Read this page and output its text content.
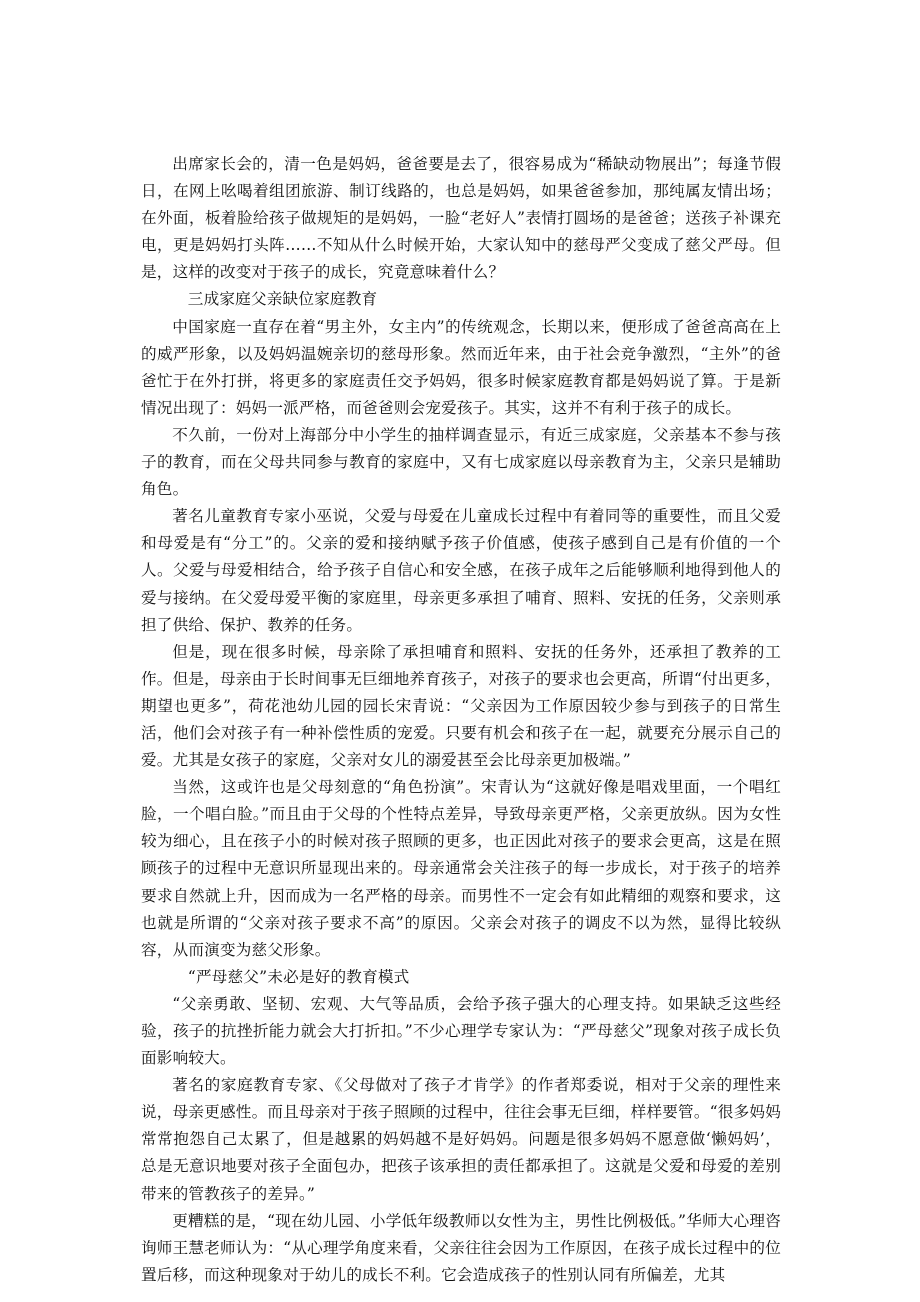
出席家长会的，清一色是妈妈，爸爸要是去了，很容易成为“稀缺动物展出”；每逢节假日，在网上吆喝着组团旅游、制订线路的，也总是妈妈，如果爸爸参加，那纯属友情出场；在外面，板着脸给孩子做规矩的是妈妈，一脸“老好人”表情打圆场的是爸爸；送孩子补课充电，更是妈妈打头阵……不知从什么时候开始，大家认知中的慈母严父变成了慈父严母。但是，这样的改变对于孩子的成长，究竟意味着什么？

三成家庭父亲缺位家庭教育

中国家庭一直存在着“男主外，女主内”的传统观念，长期以来，便形成了爸爸高高在上的威严形象，以及妈妈温婉亲切的慈母形象。然而近年来，由于社会竞争激烈，“主外”的爸爸忙于在外打拼，将更多的家庭责任交予妈妈，很多时候家庭教育都是妈妈说了算。于是新情况出现了：妈妈一派严格，而爸爸则会宠爱孩子。其实，这并不有利于孩子的成长。

不久前，一份对上海部分中小学生的抽样调查显示，有近三成家庭，父亲基本不参与孩子的教育，而在父母共同参与教育的家庭中，又有七成家庭以母亲教育为主，父亲只是辅助角色。

著名儿童教育专家小巫说，父爱与母爱在儿童成长过程中有着同等的重要性，而且父爱和母爱是有“分工”的。父亲的爱和接纳赋予孩子价值感，使孩子感到自己是有价值的一个人。父爱与母爱相结合，给予孩子自信心和安全感，在孩子成年之后能够顺利地得到他人的爱与接纳。在父爱母爱平衡的家庭里，母亲更多承担了哺育、照料、安抚的任务，父亲则承担了供给、保护、教养的任务。

但是，现在很多时候，母亲除了承担哺育和照料、安抚的任务外，还承担了教养的工作。但是，母亲由于长时间事无巨细地养育孩子，对孩子的要求也会更高，所谓“付出更多，期望也更多”，荷花池幼儿园的园长宋青说：“父亲因为工作原因较少参与到孩子的日常生活，他们会对孩子有一种补偿性质的宠爱。只要有机会和孩子在一起，就要充分展示自己的爱。尤其是女孩子的家庭，父亲对女儿的溺爱甚至会比母亲更加极端。”

当然，这或许也是父母刻意的“角色扮演”。宋青认为“这就好像是唱戏里面，一个唱红脸，一个唱白脸。”而且由于父母的个性特点差异，导致母亲更严格，父亲更放纵。因为女性较为细心，且在孩子小的时候对孩子照顾的更多，也正因此对孩子的要求会更高，这是在照顾孩子的过程中无意识所显现出来的。母亲通常会关注孩子的每一步成长，对于孩子的培养要求自然就上升，因而成为一名严格的母亲。而男性不一定会有如此精细的观察和要求，这也就是所谓的“父亲对孩子要求不高”的原因。父亲会对孩子的调皮不以为然，显得比较纵容，从而演变为慈父形象。

“严母慈父”未必是好的教育模式

“父亲勇敢、坚韧、宏观、大气等品质，会给予孩子强大的心理支持。如果缺乏这些经验，孩子的抗挫折能力就会大打折扣。”不少心理学专家认为：“严母慈父”现象对孩子成长负面影响较大。

著名的家庭教育专家、《父母做对了孩子才肯学》的作者郑委说，相对于父亲的理性来说，母亲更感性。而且母亲对于孩子照顾的过程中，往往会事无巨细，样样要管。“很多妈妈常常抱怨自己太累了，但是越累的妈妈越不是好妈妈。问题是很多妈妈不愿意做‘懒妈妈’，总是无意识地要对孩子全面包办，把孩子该承担的责任都承担了。这就是父爱和母爱的差别带来的管教孩子的差异。”

更糟糕的是，“现在幼儿园、小学低年级教师以女性为主，男性比例极低。”华师大心理咨询师王慧老师认为：“从心理学角度来看，父亲往往会因为工作原因，在孩子成长过程中的位置后移，而这种现象对于幼儿的成长不利。它会造成孩子的性别认同有所偏差，尤其
